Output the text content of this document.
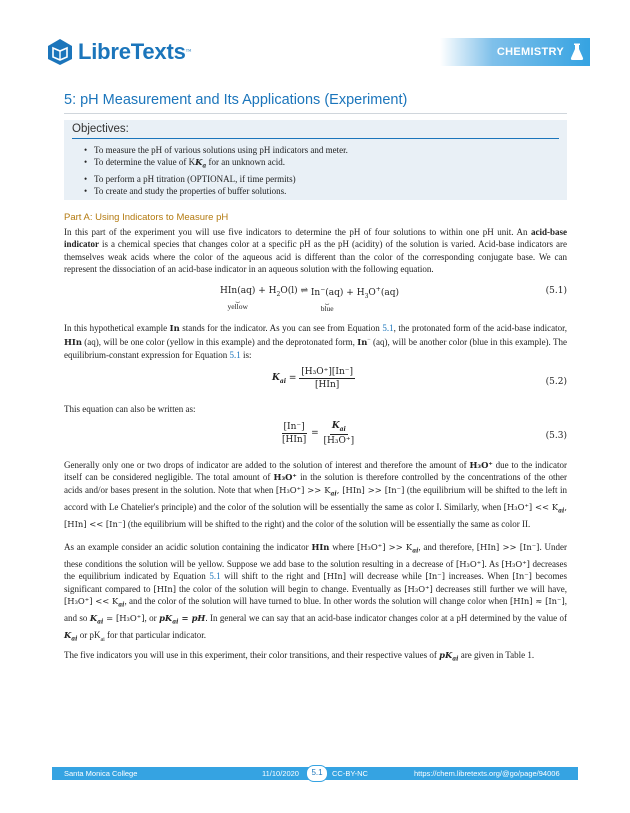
LibreTexts ™	CHEMISTRY
5: pH Measurement and Its Applications (Experiment)
Objectives:
• To measure the pH of various solutions using pH indicators and meter.
• To determine the value of $KK_a$ for an unknown acid.
• To perform a pH titration (OPTIONAL, if time permits)
• To create and study the properties of buffer solutions.
Part A: Using Indicators to Measure pH
In this part of the experiment you will use five indicators to determine the pH of four solutions to within one pH unit. An acid-base indicator is a chemical species that changes color at a specific pH as the pH (acidity) of the solution is varied. Acid-base indicators are themselves weak acids where the color of the aqueous acid is different than the color of the corresponding conjugate base. We can represent the dissociation of an acid-base indicator in an aqueous solution with the following equation.
HIn(aq)
⏟
yellow
+ $H_2O(l)$ ⇌ In−(aq)
⏟
blue
+ $H_3O^+(aq)$	(5.1)
In this hypothetical example In stands for the indicator. As you can see from Equation 5.1, the protonated form of the acid-base indicator, HIn (aq), will be one color (yellow in this example) and the deprotonated form, In− (aq), will be another color (blue in this example). The equilibrium-constant expression for Equation 5.1 is:
$K_{ai} = \frac{\text{[H₃O⁺][In⁻]}}{\text{[HIn]}}$	(5.2)
This equation can also be written as:
$\frac{[In^-]}{\text{[HIn]}} = \frac{K_{ai}}{\text{[H₃O⁺]}}$	(5.3)
Generally only one or two drops of indicator are added to the solution of interest and therefore the amount of H₃O⁺ due to the indicator itself can be considered negligible. The total amount of H₃O⁺ in the solution is therefore controlled by the concentrations of the other acids and/or bases present in the solution. Note that when $[H_3O^+] >> K_{ai}$, [HIn] >> [In⁻] (the equilibrium will be shifted to the left in accord with Le Chatelier's principle) and the color of the solution will be essentially the same as color I. Similarly, when $[H_3O^+] << K_{ai}$, [HIn] << [In⁻] (the equilibrium will be shifted to the right) and the color of the solution will be essentially the same as color II.
As an example consider an acidic solution containing the indicator HIn where $[H_3O^+] >> K_{ai}$, and therefore, [HIn] >> [In⁻]. Under these conditions the solution will be yellow. Suppose we add base to the solution resulting in a decrease of [H₃O⁺]. As [H₃O⁺] decreases the equilibrium indicated by Equation 5.1 will shift to the right and [HIn] will decrease while [In⁻] increases. When [In⁻] becomes significant compared to [HIn] the color of the solution will begin to change. Eventually as [H₃O⁺] decreases still further we will have, $[H_3O^+] << K_{ai}$, and the color of the solution will have turned to blue. In other words the solution will change color when [HIn] ≈ [In⁻], and so $K_{ai} = [H_3O^+]$, or $pK_{ai}$ = pH. In general we can say that an acid-base indicator changes color at a pH determined by the value of $K_{ai}$ or $pK_{ai}$ for that particular indicator.
The five indicators you will use in this experiment, their color transitions, and their respective values of $pK_{ai}$ are given in Table 1.
Santa Monica College	11/10/2020	5.1	CC-BY-NC	https://chem.libretexts.org/@go/page/94006
